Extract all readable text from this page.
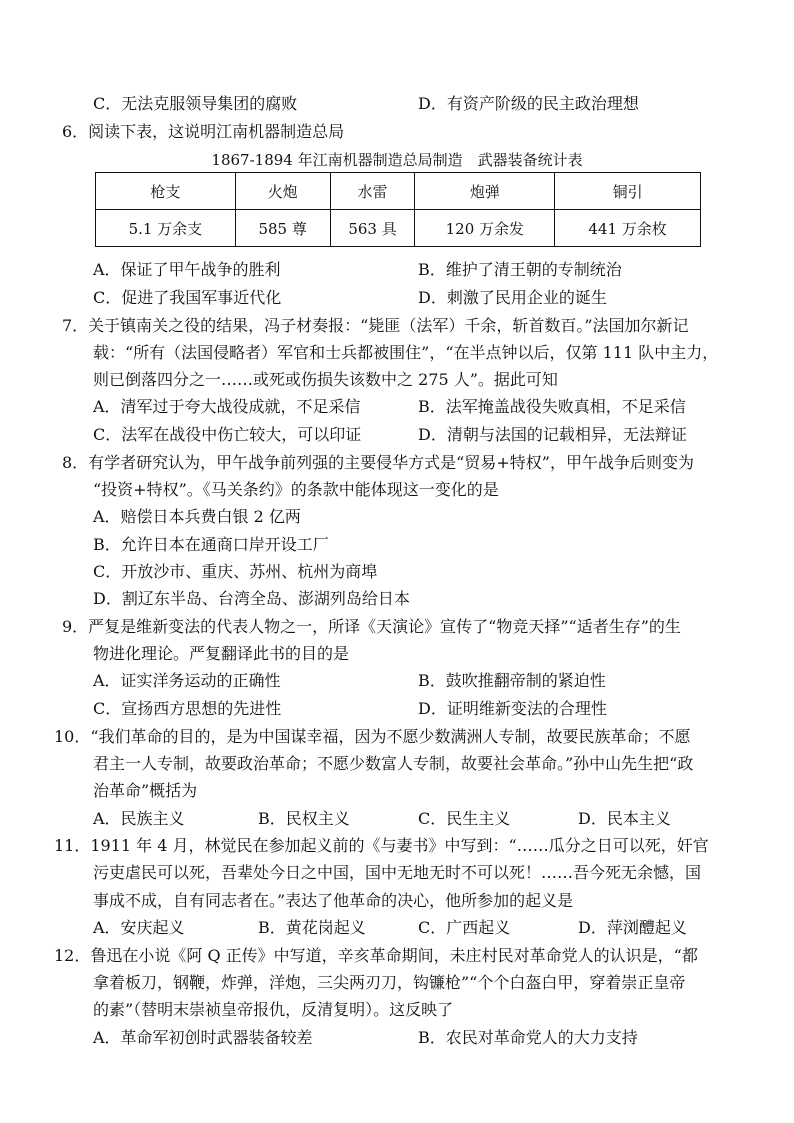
C．无法克服领导集团的腐败	D．有资产阶级的民主政治理想
6．阅读下表，这说明江南机器制造总局
1867-1894 年江南机器制造总局制造　武器装备统计表
枪支	火炮	水雷	炮弹	铜引
5.1 万余支	585 尊	563 具	120 万余发	441 万余枚
A．保证了甲午战争的胜利	B．维护了清王朝的专制统治
C．促进了我国军事近代化	D．刺激了民用企业的诞生
7．关于镇南关之役的结果，冯子材奏报：“毙匪（法军）千余，斩首数百。”法国加尔新记
载：“所有（法国侵略者）军官和士兵都被围住”，“在半点钟以后，仅第 111 队中主力，
则已倒落四分之一……或死或伤损失该数中之 275 人”。据此可知
A．清军过于夸大战役成就，不足采信	B．法军掩盖战役失败真相，不足采信
C．法军在战役中伤亡较大，可以印证	D．清朝与法国的记载相异，无法辩证
8．有学者研究认为，甲午战争前列强的主要侵华方式是“贸易+特权”，甲午战争后则变为
“投资+特权”。《马关条约》的条款中能体现这一变化的是
A．赔偿日本兵费白银 2 亿两
B．允许日本在通商口岸开设工厂
C．开放沙市、重庆、苏州、杭州为商埠
D．割辽东半岛、台湾全岛、澎湖列岛给日本
9．严复是维新变法的代表人物之一，所译《天演论》宣传了“物竞天择”“适者生存”的生
物进化理论。严复翻译此书的目的是
A．证实洋务运动的正确性	B．鼓吹推翻帝制的紧迫性
C．宣扬西方思想的先进性	D．证明维新变法的合理性
10．“我们革命的目的，是为中国谋幸福，因为不愿少数满洲人专制，故要民族革命；不愿
君主一人专制，故要政治革命；不愿少数富人专制，故要社会革命。”孙中山先生把“政
治革命”概括为
A．民族主义	B．民权主义	C．民生主义	D．民本主义
11．1911 年 4 月，林觉民在参加起义前的《与妻书》中写到：“……瓜分之日可以死，奸官
污吏虐民可以死，吾辈处今日之中国，国中无地无时不可以死！……吾今死无余憾，国
事成不成，自有同志者在。”表达了他革命的决心，他所参加的起义是
A．安庆起义	B．黄花岗起义	C．广西起义	D．萍浏醴起义
12．鲁迅在小说《阿 Q 正传》中写道，辛亥革命期间，未庄村民对革命党人的认识是，“都
拿着板刀，钢鞭，炸弹，洋炮，三尖两刃刀，钩镰枪”“个个白盔白甲，穿着崇正皇帝
的素”（替明末崇祯皇帝报仇，反清复明）。这反映了
A．革命军初创时武器装备较差	B．农民对革命党人的大力支持
